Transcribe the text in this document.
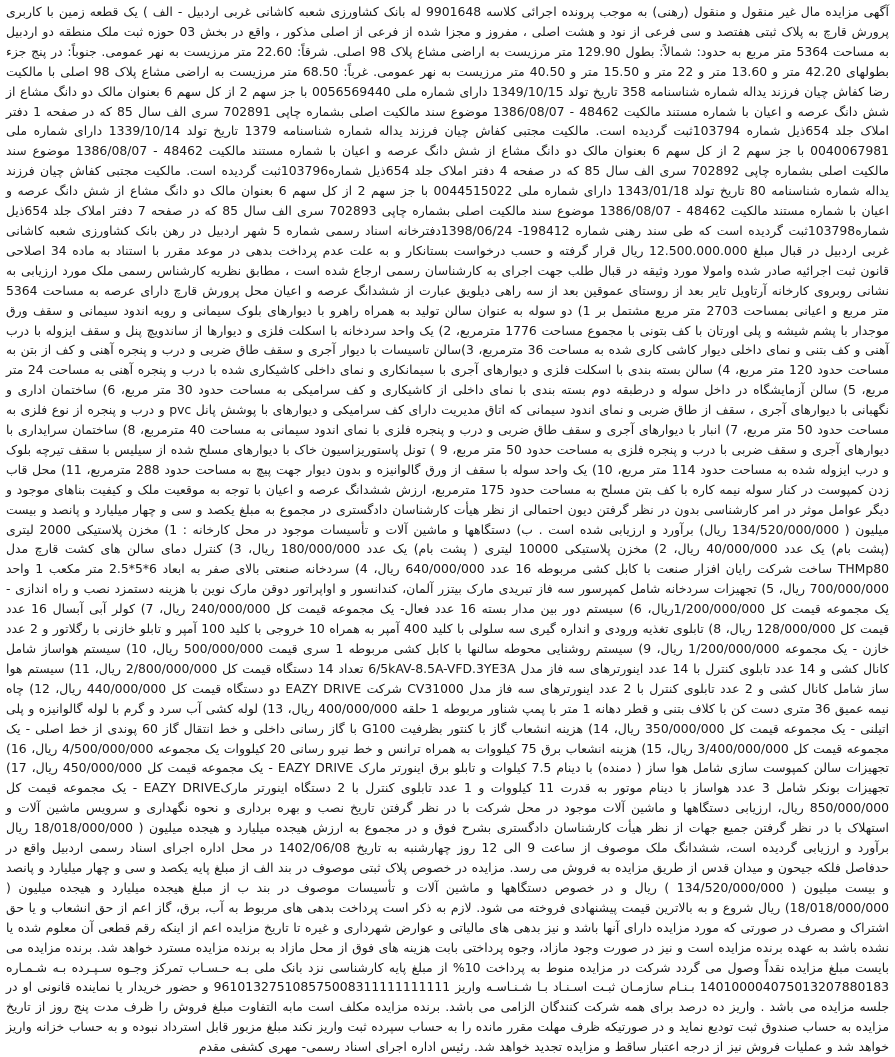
آگهی مزایده مال غیر منقول و منقول (رهنی) به موجب پرونده اجرائی کلاسه 9901648 له بانک کشاورزی شعبه کاشانی غربی اردبیل - الف ) یک قطعه زمین با کاربری پرورش قارچ به پلاک ثبتی هفتصد و سی فرعی از نود و هشت اصلی ، مفروز و مجزا شده از فرعی از اصلی مذکور ، واقع در بخش 03 حوزه ثبت ملک منطقه دو اردبیل به مساحت 5364 متر مربع به حدود: شمالاً: بطول 129.90 متر مرزیست به اراضی مشاع پلاک 98 اصلی. شرقاً: 22.60 متر مرزیست به نهر عمومی. جنوباً: در پنج جزء بطولهای 42.20 متر و 13.60 متر و 22 متر و 15.50 متر و 40.50 متر مرزیست به نهر عمومی. غرباً: 68.50 متر مرزیست به اراضی مشاع پلاک 98 اصلی با مالکیت رضا کفاش چیان فرزند یداله شماره شناسنامه 358 تاریخ تولد 1349/10/15 دارای شماره ملی 0056569440 با جز سهم 2 از کل سهم 6 بعنوان مالک دو دانگ مشاع از شش دانگ عرصه و اعیان با شماره مستند مالکیت 48462 - 1386/08/07 موضوع سند مالکیت اصلی بشماره چاپی 702891 سری الف سال 85 که در صفحه 1 دفتر املاک جلد 654ذیل شماره 103794ثبت گردیده است. مالکیت مجتبی کفاش چیان فرزند یداله شماره شناسنامه 1379 تاریخ تولد 1339/10/14 دارای شماره ملی 0040067981 با جز سهم 2 از کل سهم 6 بعنوان مالک دو دانگ مشاع از شش دانگ عرصه و اعیان با شماره مستند مالکیت 48462 - 1386/08/07 موضوع سند مالکیت اصلی بشماره چاپی 702892 سری الف سال 85 که در صفحه 4 دفتر املاک جلد 654ذیل شماره103796ثبت گردیده است. مالکیت مجتبی کفاش چیان فرزند یداله شماره شناسنامه 80 تاریخ تولد 1343/01/18 دارای شماره ملی 0044515022 با جز سهم 2 از کل سهم 6 بعنوان مالک دو دانگ مشاع از شش دانگ عرصه و اعیان با شماره مستند مالکیت 48462 - 1386/08/07 موضوع سند مالکیت اصلی بشماره چاپی 702893 سری الف سال 85 که در صفحه 7 دفتر املاک جلد 654ذیل شماره103798ثبت گردیده است که طی سند رهنی شماره 198412- 1398/06/24دفترخانه اسناد رسمی شماره 5 شهر اردبیل در رهن بانک کشاورزی شعبه کاشانی غربی اردبیل در قبال مبلغ 12.500.000.000 ریال قرار گرفته و حسب درخواست بستانکار و به علت عدم پرداخت بدهی در موعد مقرر با استناد به ماده 34 اصلاحی قانون ثبت اجرائیه صادر شده وامولا مورد وثیقه در قبال طلب جهت اجرای به کارشناسان رسمی ارجاع شده است ، مطابق نظریه کارشناس رسمی ملک مورد ارزیابی به نشانی روبروی کارخانه آرتاویل تایر بعد از روستای عموقین بعد از سه راهی دیلویق عبارت از ششدانگ عرصه و اعیان محل پرورش قارچ دارای عرصه به مساحت 5364 متر مربع و اعیانی بمساحت 2703 متر مربع مشتمل بر 1) دو سوله به عنوان سالن تولید به همراه راهرو با دیوارهای بلوک سیمانی و رویه اندود سیمانی و سقف ورق موجدار با پشم شیشه و پلی اورتان با کف بتونی با مجموع مساحت 1776 مترمربع، 2) یک واحد سردخانه با اسکلت فلزی و دیوارها از ساندویچ پنل و سقف ایزوله با درب آهنی و کف بتنی و نمای داخلی دیوار کاشی کاری شده به مساحت 36 مترمربع، 3)سالن تاسیسات با دیوار آجری و سقف طاق ضربی و درب و پنجره آهنی و کف از بتن به مساحت حدود 120 متر مربع، 4) سالن بسته بندی با اسکلت فلزی و دیوارهای آجری با سیمانکاری و نمای داخلی کاشیکاری شده با درب و پنجره آهنی به مساحت 24 متر مربع، 5) سالن آزمایشگاه در داخل سوله و درطبقه دوم بسته بندی با نمای داخلی از کاشیکاری و کف سرامیکی به مساحت حدود 30 متر مربع، 6) ساختمان اداری و نگهبانی با دیوارهای آجری ، سقف از طاق ضربی و نمای اندود سیمانی که اتاق مدیریت دارای کف سرامیکی و دیوارهای با پوشش پانل pvc و درب و پنجره از نوع فلزی به مساحت حدود 50 متر مربع، 7) انبار با دیوارهای آجری و سقف طاق ضربی و درب و پنجره فلزی با نمای اندود سیمانی به مساحت 40 مترمربع، 8) ساختمان سرایداری با دیوارهای آجری و سقف ضربی با درب و پنجره فلزی به مساحت حدود 50 متر مربع، 9 ) تونل پاستوریزاسیون خاک با دیوارهای مسلح شده از سیلیس با سقف تیرچه بلوک و درب ایزوله شده به مساحت حدود 114 متر مربع، 10) یک واحد سوله با سقف از ورق گالوانیزه و بدون دیوار جهت پیچ به مساحت حدود 288 مترمربع، 11) محل قاب زدن کمپوست در کنار سوله نیمه کاره با کف بتن مسلح به مساحت حدود 175 مترمربع، ارزش ششدانگ عرصه و اعیان با توجه به موقعیت ملک و کیفیت بناهای موجود و دیگر عوامل موثر در امر کارشناسی بدون در نظر گرفتن دیون احتمالی از نظر هیأت کارشناسان دادگستری در مجموع به مبلغ یکصد و سی و چهار میلیارد و پانصد و بیست میلیون ( 134/520/000/000 ریال) برآورد و ارزیابی شده است . ب) دستگاهها و ماشین آلات و تأسیسات موجود در محل کارخانه : 1) مخزن پلاستیکی 2000 لیتری (پشت بام) یک عدد 40/000/000 ریال، 2) مخزن پلاستیکی 10000 لیتری ( پشت بام) یک عدد 180/000/000 ریال، 3) کنترل دمای سالن های کشت قارچ مدل THMp80 ساخت شرکت رایان افزار صنعت با کابل کشی مربوطه 16 عدد 640/000/000 ریال، 4) سردخانه صنعتی بالای صفر به ابعاد 6*5*2.5 متر مکعب 1 واحد 700/000/000 ریال، 5) تجهیزات سردخانه شامل کمپرسور سه فاز تبریدی مارک بیتزر آلمان، کندانسور و اواپراتور دوقن مارک نوین با هزینه دستمزد نصب و راه اندازی - یک مجموعه قیمت کل 1/200/000/000ریال، 6) سیستم دور بین مدار بسته 16 عدد فعال- یک مجموعه قیمت کل 240/000/000 ریال، 7) کولر آبی آبسال 16 عدد قیمت کل 128/000/000 ریال، 8) تابلوی تغذیه ورودی و انداره گیری سه سلولی با کلید 400 آمپر به همراه 10 خروجی با کلید 100 آمپر و تابلو خازنی با رگلاتور و 2 عدد خازن - یک مجموعه 1/200/000/000 ریال، 9) سیستم روشنایی محوطه سالنها با کابل کشی مربوطه 1 سری قیمت 500/000/000 ریال، 10) سیستم هواساز شامل کانال کشی و 14 عدد تابلوی کنترل با 14 عدد اینورترهای سه فاز مدل 6/5kAV-8.5A-VFD.3YE3A تعداد 14 دستگاه قیمت کل 2/800/000/000 ریال، 11) سیستم هوا ساز شامل کانال کشی و 2 عدد تابلوی کنترل با 2 عدد اینورترهای سه فاز مدل CV31000 شرکت EAZY DRIVE دو دستگاه قیمت کل 440/000/000 ریال، 12) چاه نیمه عمیق 36 متری دست کن با کلاف بتنی و قطر دهانه 1 متر با پمپ شناور مربوطه 1 حلقه 400/000/000 ریال، 13) لوله کشی آب سرد و گرم با لوله گالوانیزه و پلی اتیلنی - یک مجموعه قیمت کل 350/000/000 ریال، 14) هزینه انشعاب گاز با کنتور بظرفیت G100 با گاز رسانی داخلی و خط انتقال گاز 60 پوندی از خط اصلی - یک مجموعه قیمت کل 3/400/000/000 ریال، 15) هزینه انشعاب برق 75 کیلووات به همراه ترانس و خط نیرو رسانی 20 کیلووات یک مجموعه 4/500/000/000 ریال، 16) تجهیزات سالن کمپوست سازی شامل هوا ساز ( دمنده) با دینام 7.5 کیلوات و تابلو برق اینورتر مارک EAZY DRIVE - یک مجموعه قیمت کل 450/000/000 ریال، 17) تجهیزات بونکر شامل 3 عدد هواساز با دینام موتور به قدرت 11 کیلووات و 1 عدد تابلوی کنترل با 2 دستگاه اینورتر مارکEAZY DRIVE - یک مجموعه قیمت کل 850/000/000 ریال، ارزیابی دستگاهها و ماشین آلات موجود در محل شرکت با در نظر گرفتن تاریخ نصب و بهره برداری و نحوه نگهداری و سرویس ماشین آلات و استهلاک با در نظر گرفتن جمیع جهات از نظر هیأت کارشناسان دادگستری بشرح فوق و در مجموع به ارزش هیجده میلیارد و هیجده میلیون ( 18/018/000/000 ریال برآورد و ارزیابی گردیده است، ششدانگ ملک موصوف از ساعت 9 الی 12 روز چهارشنبه به تاریخ 1402/06/08 در محل اداره اجرای اسناد رسمی اردبیل واقع در حدفاصل فلکه جیحون و میدان قدس از طریق مزایده به فروش می رسد. مزایده در خصوص پلاک ثبتی موصوف در بند الف از مبلغ پایه یکصد و سی و چهار میلیارد و پانصد و بیست میلیون ( 134/520/000/000 ) ریال و در خصوص دستگاهها و ماشین آلات و تأسیسات موصوف در بند ب از مبلغ هیجده میلیارد و هیجده میلیون ( 18/018/000/000) ریال شروع و به بالاترین قیمت پیشنهادی فروخته می شود. لازم به ذکر است پرداخت بدهی های مربوط به آب، برق، گاز اعم از حق انشعاب و یا حق اشتراک و مصرف در صورتی که مورد مزایده دارای آنها باشد و نیز بدهی های مالیاتی و عوارض شهرداری و غیره تا تاریخ مزایده اعم از اینکه رقم قطعی آن معلوم شده یا نشده باشد به عهده برنده مزایده است و نیز در صورت وجود مازاد، وجوه پرداختی بابت هزینه های فوق از محل مازاد به برنده مزایده مسترد خواهد شد. برنده مزایده می بایست مبلغ مزایده نقداً وصول می گردد شرکت در مزایده منوط به پرداخت 10% از مبلغ پایه کارشناسی نزد بانک ملی بـه حـسـاب تمرکز وجـوه سـپـرده بـه شـمـاره 140100004075013207880183 بـنـام سازمـان ثبـت اسـنـاد بـا شـنـاسـه واریز 961013275108575008311111111111 و حضور خریدار یا نماینده قانونی او در جلسه مزایده می باشد . واریز ده درصد برای همه شرکت کنندگان الزامی می باشد. برنده مزایده مکلف است مابه التفاوت مبلغ فروش را ظرف مدت پنج روز از تاریخ مزایده به حساب صندوق ثبت تودیع نماید و در صورتیکه ظرف مهلت مقرر مانده را به حساب سپرده ثبت واریز نکند مبلغ مزبور قابل استرداد نبوده و به حساب خزانه واریز خواهد شد و عملیات فروش نیز از درجه اعتبار ساقط و مزایده تجدید خواهد شد. رئیس اداره اجرای اسناد رسمی- مهری کشفی مقدم
